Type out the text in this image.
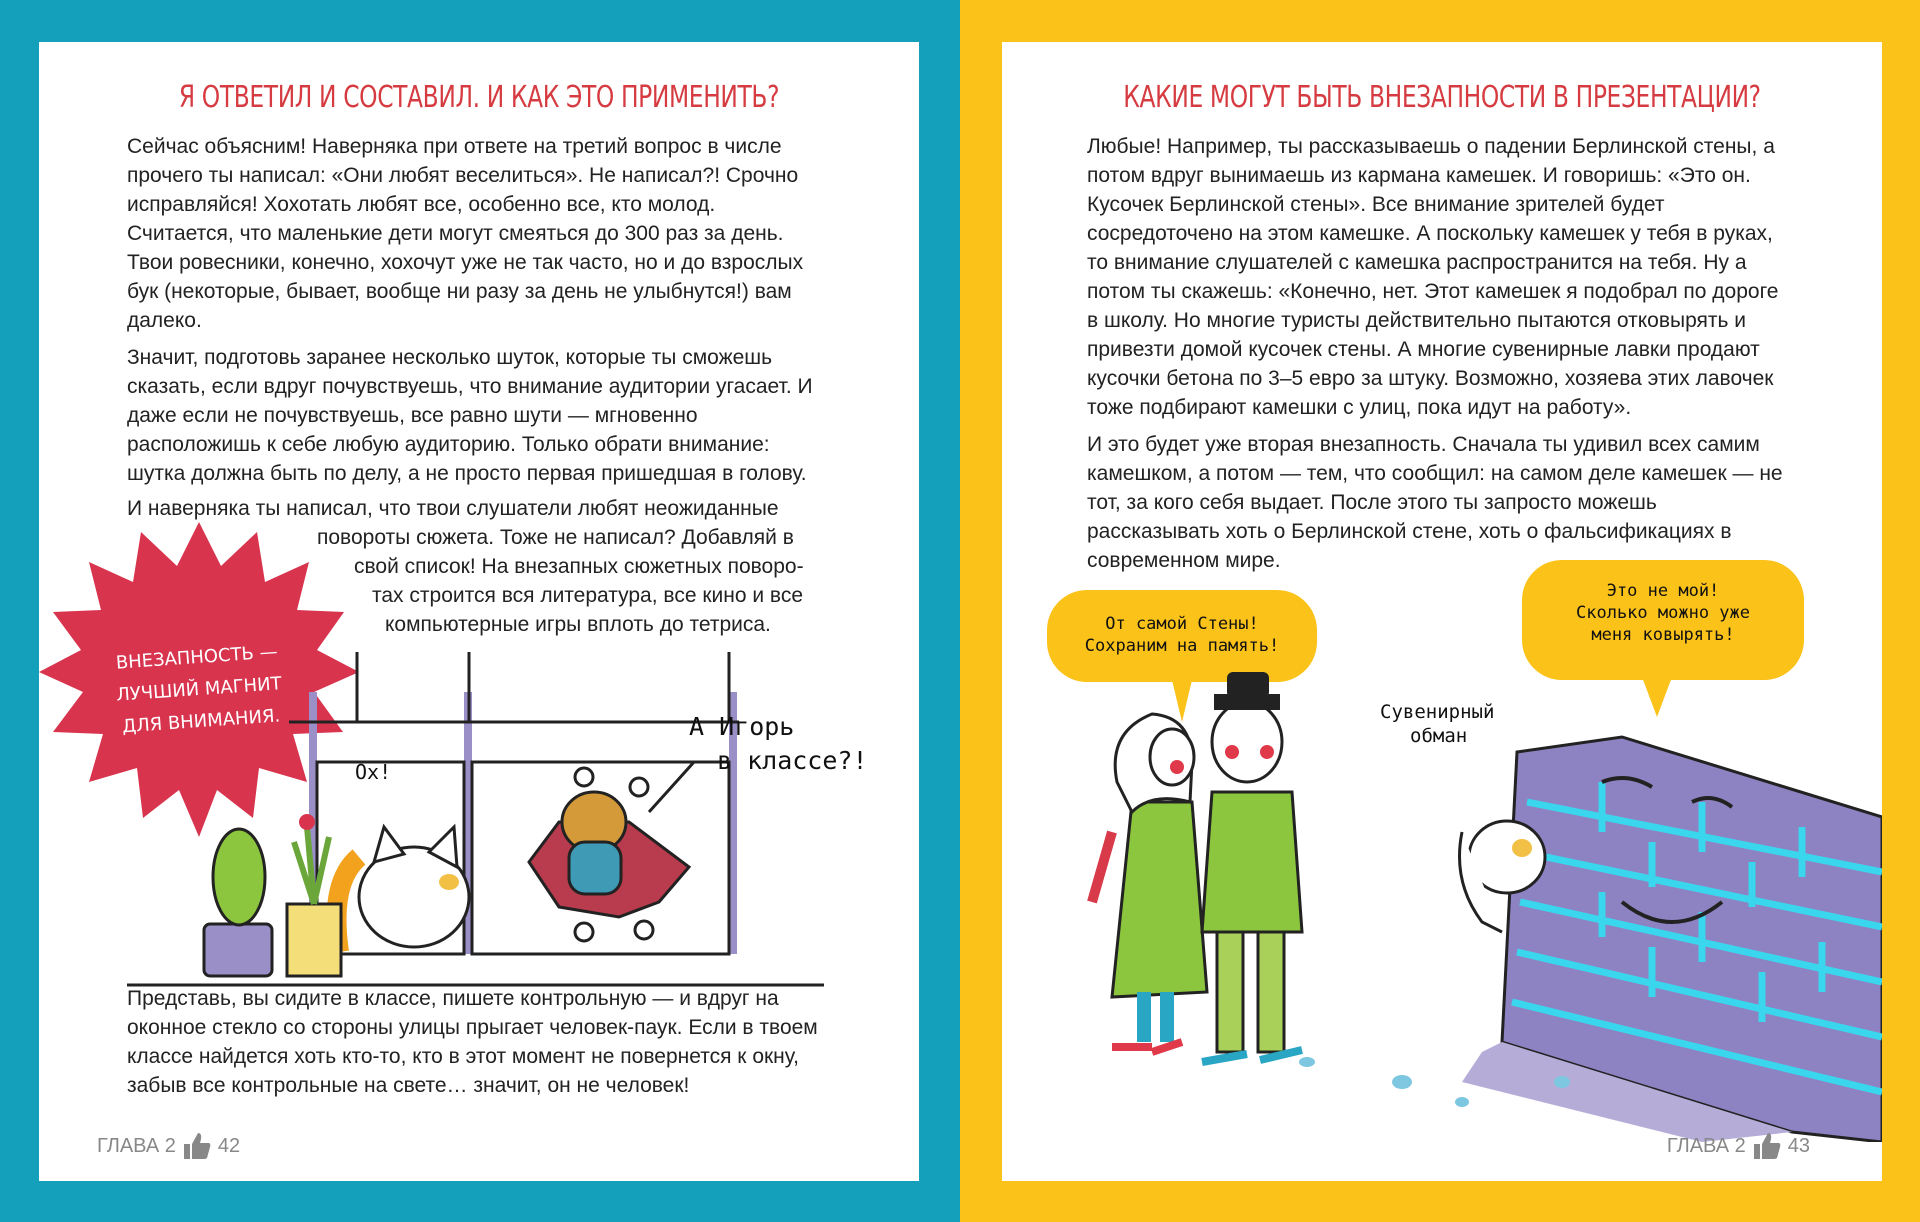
Я ОТВЕТИЛ И СОСТАВИЛ. И КАК ЭТО ПРИМЕНИТЬ?

Сейчас объясним! Наверняка при ответе на третий вопрос в числе прочего ты написал: «Они любят веселиться». Не написал?! Срочно исправляйся! Хохотать любят все, особенно все, кто молод. Считается, что маленькие дети могут смеяться до 300 раз за день. Твои ровесники, конечно, хохочут уже не так часто, но и до взрослых бук (некоторые, бывает, вообще ни разу за день не улыбнутся!) вам далеко.

Значит, подготовь заранее несколько шуток, которые ты сможешь сказать, если вдруг почувствуешь, что внимание аудитории угасает. И даже если не почувствуешь, все равно шути — мгновенно расположишь к себе любую аудиторию. Только обрати внимание: шутка должна быть по делу, а не просто первая пришедшая в голову.

И наверняка ты написал, что твои слушатели любят неожиданные
повороты сюжета. Тоже не написал? Добавляй в
свой список! На внезапных сюжетных поворо-
тах строится вся литература, все кино и все
компьютерные игры вплоть до тетриса.
ВНЕЗАПНОСТЬ —
ЛУЧШИЙ МАГНИТ
ДЛЯ ВНИМАНИЯ.
Ох!
А Игорь
в классе?!
Представь, вы сидите в классе, пишете контрольную — и вдруг на оконное стекло со стороны улицы прыгает человек-паук. Если в твоем классе найдется хоть кто-то, кто в этот момент не повернется к окну, забыв все контрольные на свете… значит, он не человек!
ГЛАВА 2 42
КАКИЕ МОГУТ БЫТЬ ВНЕЗАПНОСТИ В ПРЕЗЕНТАЦИИ?

Любые! Например, ты рассказываешь о падении Берлинской стены, а потом вдруг вынимаешь из кармана камешек. И говоришь: «Это он. Кусочек Берлинской стены». Все внимание зрителей будет сосредоточено на этом камешке. А поскольку камешек у тебя в руках, то внимание слушателей с камешка распространится на тебя. Ну а потом ты скажешь: «Конечно, нет. Этот камешек я подобрал по дороге в школу. Но многие туристы действительно пытаются отковырять и привезти домой кусочек стены. А многие сувенирные лавки продают кусочки бетона по 3–5 евро за штуку. Возможно, хозяева этих лавочек тоже подбирают камешки с улиц, пока идут на работу».

И это будет уже вторая внезапность. Сначала ты удивил всех самим камешком, а потом — тем, что сообщил: на самом деле камешек — не тот, за кого себя выдает. После этого ты запросто можешь рассказывать хоть о Берлинской стене, хоть о фальсификациях в современном мире.

От самой Стены!
Сохраним на память!
Это не мой!
Сколько можно уже
меня ковырять!
Сувенирный
обман
ГЛАВА 2 43
